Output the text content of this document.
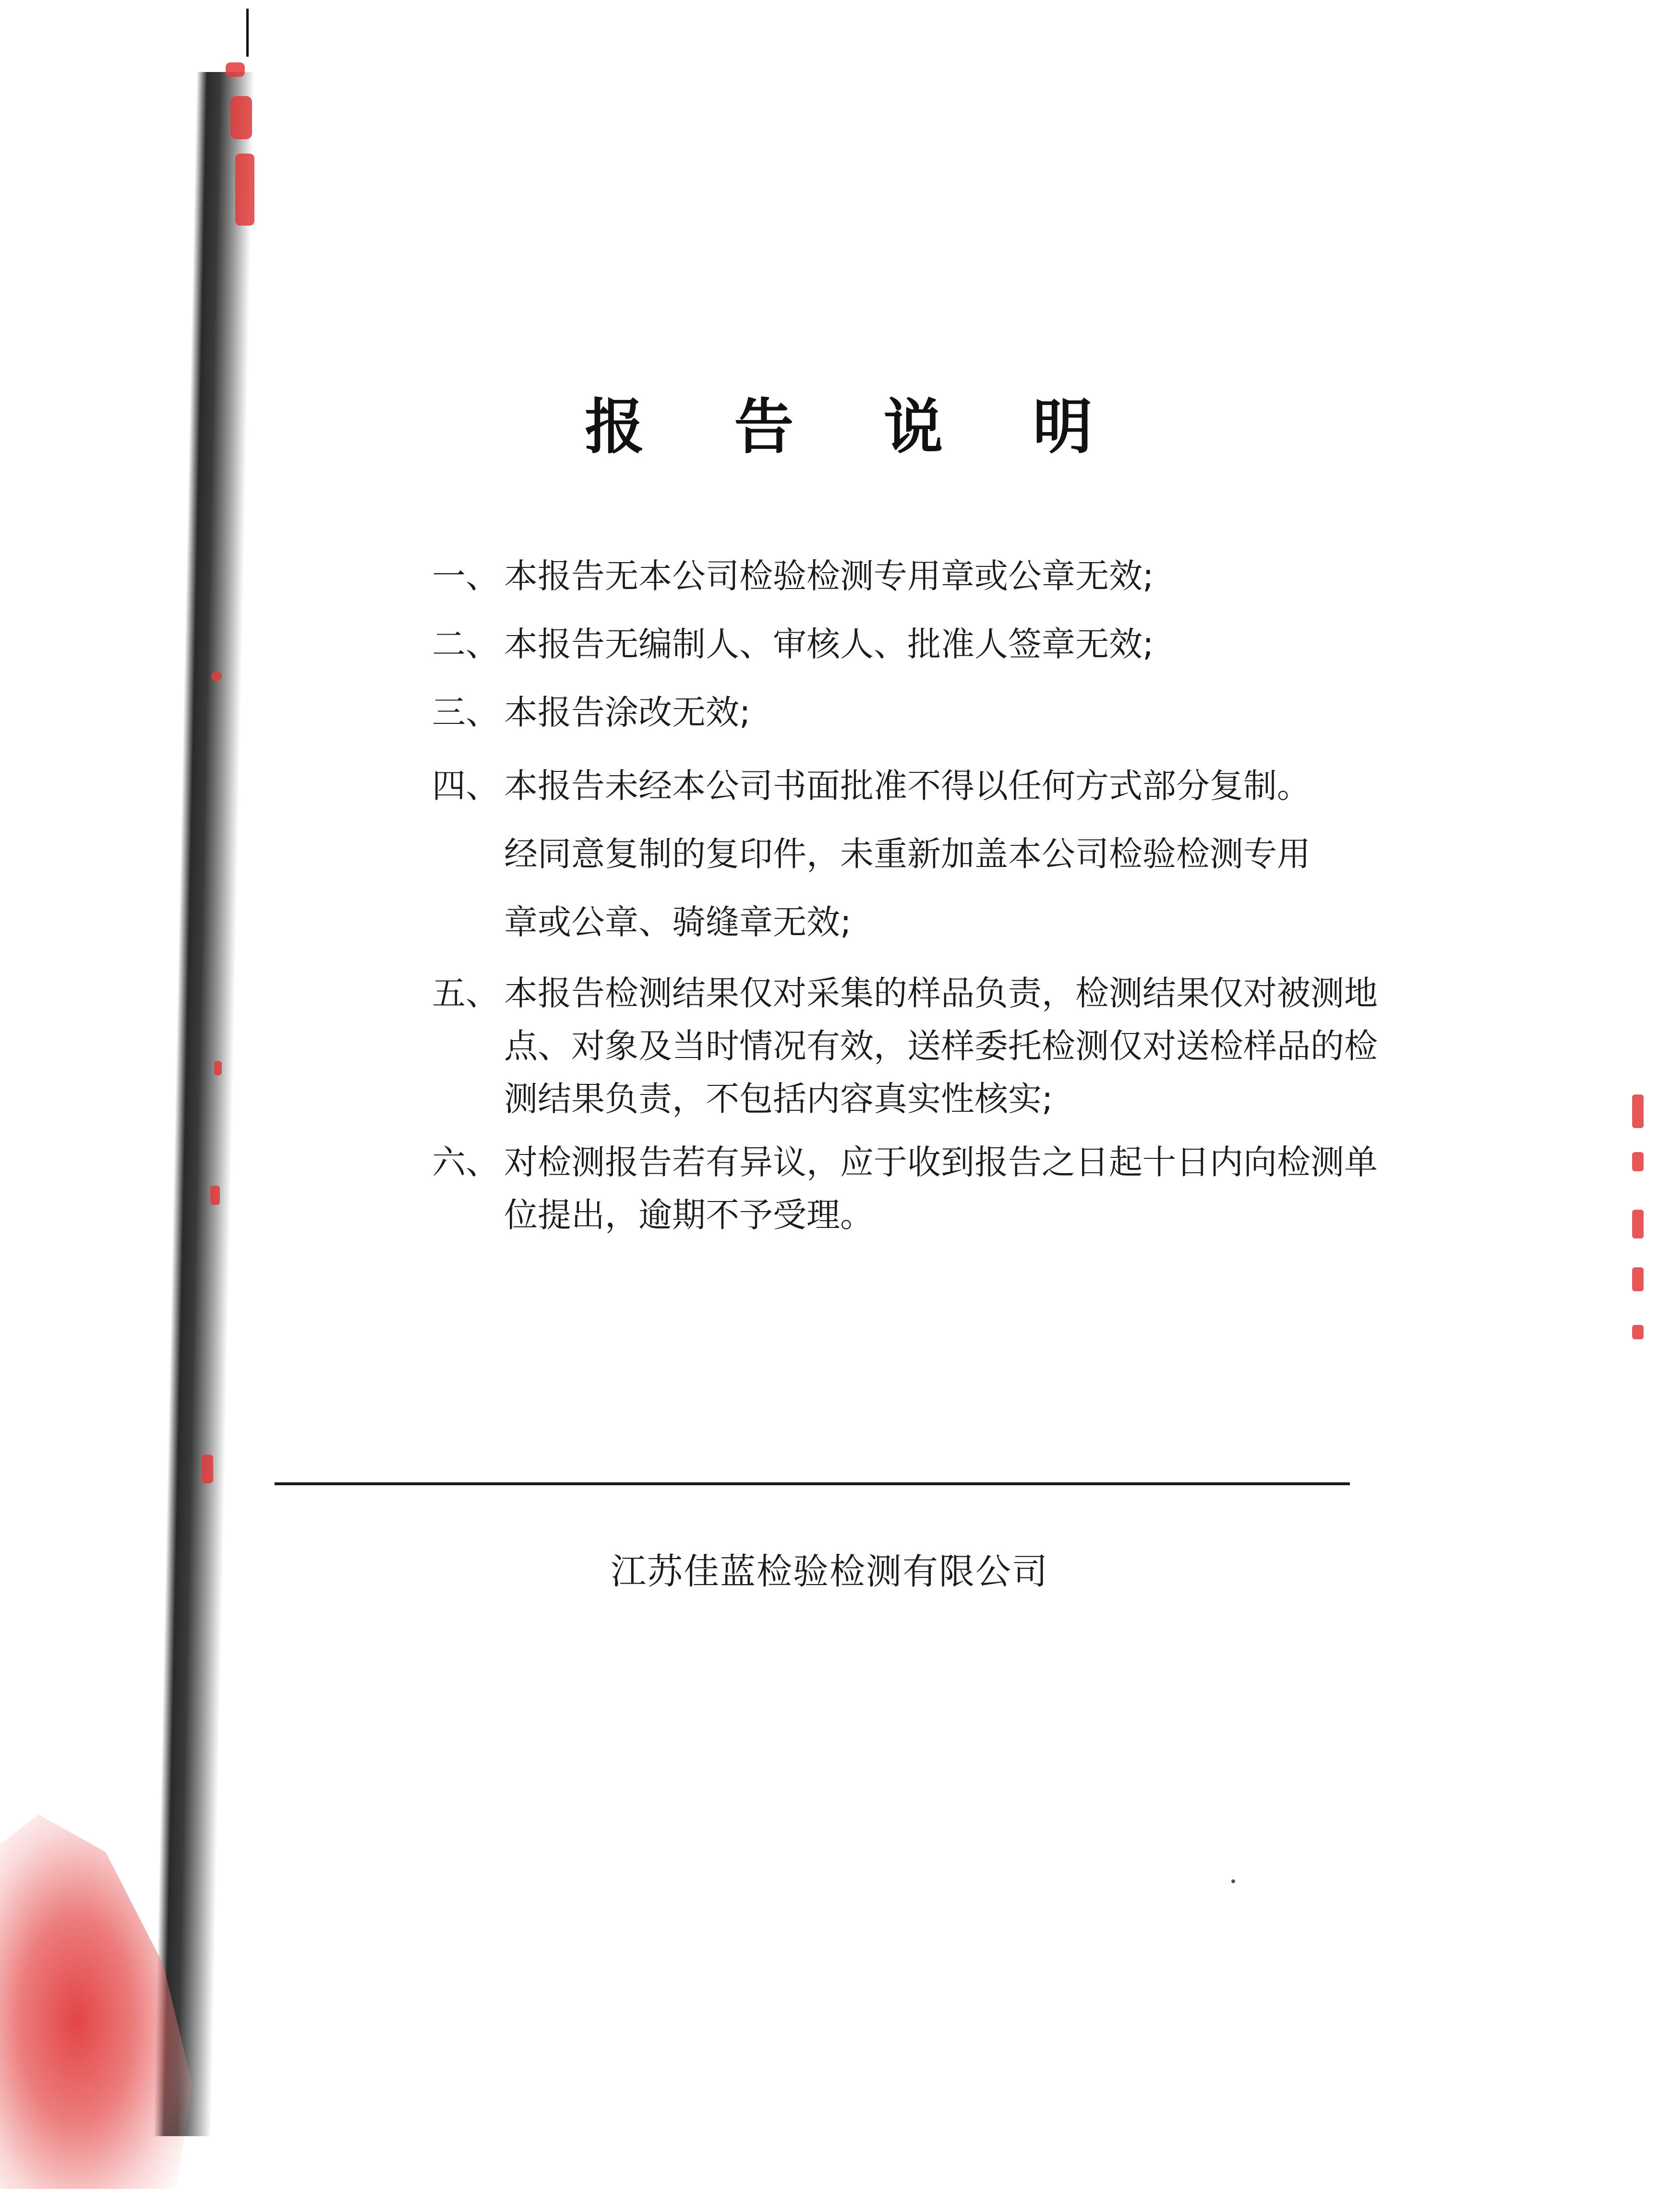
报 告 说 明
一、 本报告无本公司检验检测专用章或公章无效;
二、 本报告无编制人、审核人、批准人签章无效;
三、 本报告涂改无效;
四、 本报告未经本公司书面批准不得以任何方式部分复制。
经同意复制的复印件，未重新加盖本公司检验检测专用
章或公章、骑缝章无效;
五、 本报告检测结果仅对采集的样品负责，检测结果仅对被测地
点、对象及当时情况有效，送样委托检测仅对送检样品的检
测结果负责，不包括内容真实性核实;
六、 对检测报告若有异议，应于收到报告之日起十日内向检测单
位提出，逾期不予受理。
江苏佳蓝检验检测有限公司
